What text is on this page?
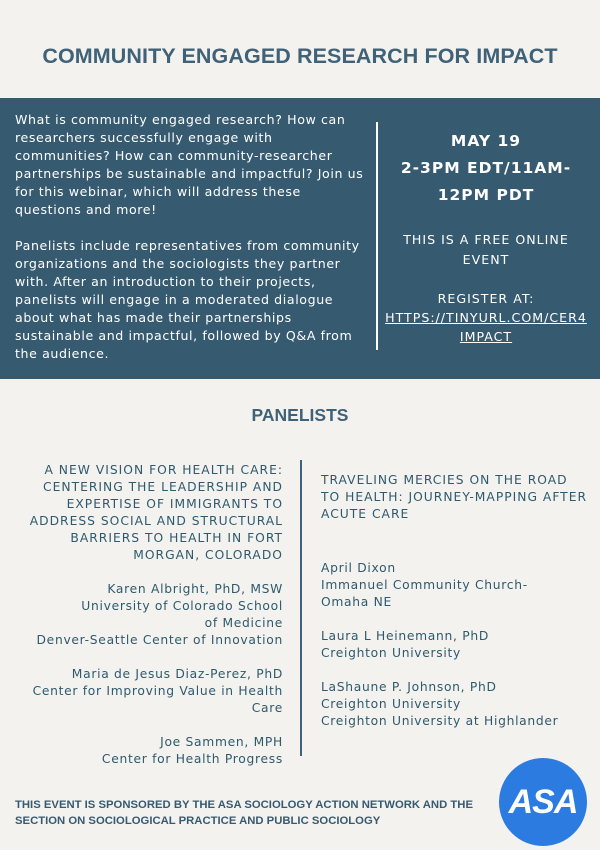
COMMUNITY ENGAGED RESEARCH FOR IMPACT

What is community engaged research? How can researchers successfully engage with communities? How can community-researcher partnerships be sustainable and impactful? Join us for this webinar, which will address these questions and more!

Panelists include representatives from community organizations and the sociologists they partner with. After an introduction to their projects, panelists will engage in a moderated dialogue about what has made their partnerships sustainable and impactful, followed by Q&A from the audience.

MAY 19
2-3PM EDT/11AM-
12PM PDT
THIS IS A FREE ONLINE
EVENT
REGISTER AT:
HTTPS://TINYURL.COM/CER4
IMPACT
PANELISTS
A NEW VISION FOR HEALTH CARE: CENTERING THE LEADERSHIP AND EXPERTISE OF IMMIGRANTS TO ADDRESS SOCIAL AND STRUCTURAL BARRIERS TO HEALTH IN FORT MORGAN, COLORADO
Karen Albright, PhD, MSW
University of Colorado School of Medicine
Denver-Seattle Center of Innovation
Maria de Jesus Diaz-Perez, PhD
Center for Improving Value in Health Care
Joe Sammen, MPH
Center for Health Progress
TRAVELING MERCIES ON THE ROAD TO HEALTH: JOURNEY-MAPPING AFTER ACUTE CARE
April Dixon
Immanuel Community Church-Omaha NE
Laura L Heinemann, PhD
Creighton University
LaShaune P. Johnson, PhD
Creighton University
Creighton University at Highlander
THIS EVENT IS SPONSORED BY THE ASA SOCIOLOGY ACTION NETWORK AND THE SECTION ON SOCIOLOGICAL PRACTICE AND PUBLIC SOCIOLOGY
ASA
